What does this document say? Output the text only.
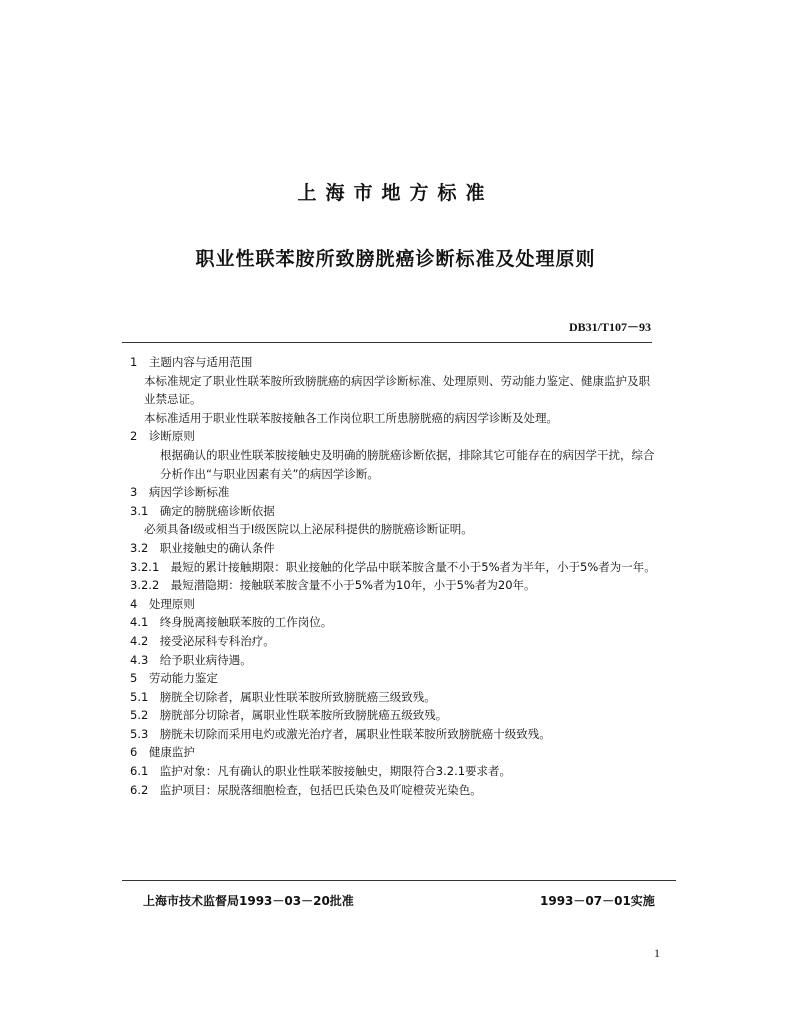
上海市地方标准
职业性联苯胺所致膀胱癌诊断标准及处理原则
DB31/T107－93
1　主题内容与适用范围
本标准规定了职业性联苯胺所致膀胱癌的病因学诊断标准、处理原则、劳动能力鉴定、健康监护及职业禁忌证。
本标准适用于职业性联苯胺接触各工作岗位职工所患膀胱癌的病因学诊断及处理。
2　诊断原则
根据确认的职业性联苯胺接触史及明确的膀胱癌诊断依据，排除其它可能存在的病因学干扰，综合分析作出“与职业因素有关”的病因学诊断。
3　病因学诊断标准
3.1　确定的膀胱癌诊断依据
必须具备Ⅰ级或相当于Ⅰ级医院以上泌尿科提供的膀胱癌诊断证明。
3.2　职业接触史的确认条件
3.2.1　最短的累计接触期限：职业接触的化学品中联苯胺含量不小于5%者为半年，小于5%者为一年。
3.2.2　最短潜隐期：接触联苯胺含量不小于5%者为10年，小于5%者为20年。
4　处理原则
4.1　终身脱离接触联苯胺的工作岗位。
4.2　接受泌尿科专科治疗。
4.3　给予职业病待遇。
5　劳动能力鉴定
5.1　膀胱全切除者，属职业性联苯胺所致膀胱癌三级致残。
5.2　膀胱部分切除者，属职业性联苯胺所致膀胱癌五级致残。
5.3　膀胱未切除而采用电灼或激光治疗者，属职业性联苯胺所致膀胱癌十级致残。
6　健康监护
6.1　监护对象：凡有确认的职业性联苯胺接触史，期限符合3.2.1要求者。
6.2　监护项目：尿脱落细胞检查，包括巴氏染色及吖啶橙荧光染色。
上海市技术监督局1993－03－20批准	1993－07－01实施
1
